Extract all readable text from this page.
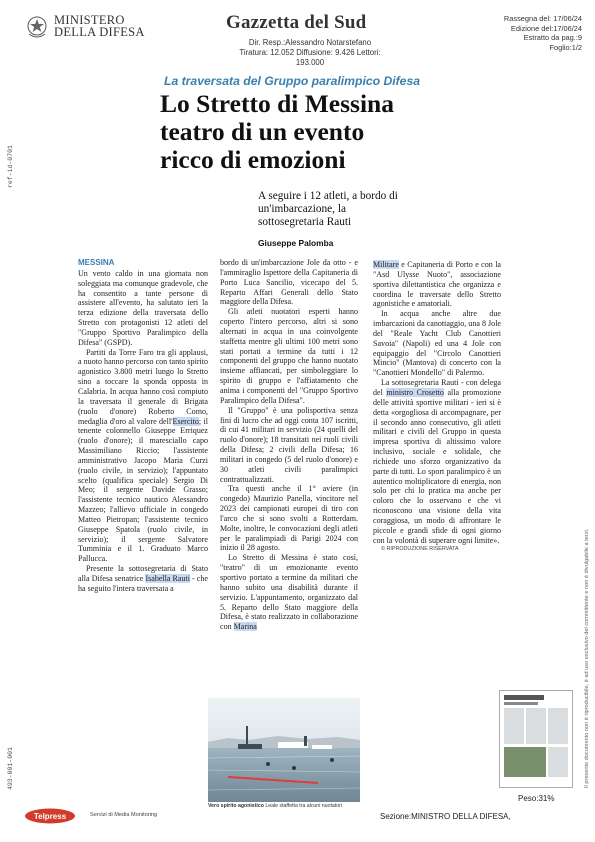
MINISTERO
DELLA DIFESA	Gazzetta del Sud
Dir. Resp.:Alessandro Notarstefano
Tiratura: 12.052 Diffusione: 9.426 Lettori: 193.000
Rassegna del: 17/06/24
Edizione del:17/06/24
Estratto da pag.:9
Foglio:1/2
ref-id-0701
493-001-001
La traversata del Gruppo paralimpico Difesa
Lo Stretto di Messina
teatro di un evento
ricco di emozioni
A seguire i 12 atleti, a bordo di un'imbarcazione, la sottosegretaria Rauti
Giuseppe Palomba
MESSINA

Un vento caldo in una giornata non soleggiata ma comunque gradevole, che ha consentito a tante persone di assistere all'evento, ha salutato ieri la terza edizione della traversata dello Stretto con protagonisti 12 atleti del "Gruppo Sportivo Paralimpico della Difesa" (GSPD).

Partiti da Torre Faro tra gli applausi, a nuoto hanno percorso con tanto spirito agonistico 3.800 metri lungo lo Stretto sino a toccare la sponda opposta in Calabria. In acqua hanno così compiuto la traversata il generale di Brigata (ruolo d'onore) Roberto Como, medaglia d'oro al valore dell'Esercito; il tenente colonnello Giuseppe Erriquez (ruolo d'onore); il maresciallo capo Massimiliano Riccio; l'assistente amministrativo Jacopo Maria Curzi (ruolo civile, in servizio); l'appuntato scelto (qualifica speciale) Sergio Di Meo; il sergente Davide Grasso; l'assistente tecnico nautico Alessandro Mazzeo; l'allievo ufficiale in congedo Matteo Pietropan; l'assistente tecnico Giuseppe Spatola (ruolo civile, in servizio); il sergente Salvatore Tumminia e il 1. Graduato Marco Pallucca.

Presente la sottosegretaria di Stato alla Difesa senatrice Isabella Rauti - che ha seguito l'intera traversata a

bordo di un'imbarcazione Jole da otto - e l'ammiraglio Ispettore della Capitaneria di Porto Luca Sancilio, vicecapo del 5. Reparto Affari Generali dello Stato maggiore della Difesa.

Gli atleti nuotatori esperti hanno coperto l'intero percorso, altri si sono alternati in acqua in una coinvolgente staffetta mentre gli ultimi 100 metri sono stati portati a termine da tutti i 12 componenti del gruppo che hanno nuotato insieme affiancati, per simboleggiare lo spirito di gruppo e l'affiatamento che anima i componenti del "Gruppo Sportivo Paralimpico della Difesa".

Il "Gruppo" è una polisportiva senza fini di lucro che ad oggi conta 107 iscritti, di cui 41 militari in servizio (24 quelli del ruolo d'onore); 18 transitati nei ruoli civili della Difesa; 2 civili della Difesa; 16 militari in congedo (5 del ruolo d'onore) e 30 atleti civili paralimpici contrattualizzati.

Tra questi anche il 1° aviere (in congedo) Maurizio Panella, vincitore nel 2023 dei campionati europei di tiro con l'arco che si sono svolti a Rotterdam. Molte, inoltre, le convocazioni degli atleti per le paralimpiadi di Parigi 2024 con inizio il 28 agosto.

Lo Stretto di Messina è stato così, "teatro" di un emozionante evento sportivo portato a termine da militari che hanno subito una disabilità durante il servizio. L'appuntamento, organizzato dal 5. Reparto dello Stato maggiore della Difesa, è stato realizzato in collaborazione con Marina

Militare e Capitaneria di Porto e con la "Asd Ulysse Nuoto", associazione sportiva dilettantistica che organizza e coordina le traversate dello Stretto agonistiche e amatoriali.

In acqua anche altre due imbarcazioni da canottaggio, una 8 Jole del "Reale Yacht Club Canottieri Savoia" (Napoli) ed una 4 Jole con equipaggio del "Circolo Canottieri Mincio" (Mantova) di concerto con la "Canottieri Mondello" di Palermo.

La sottosegretaria Rauti - con delega del ministro Crosetto alla promozione delle attività sportive militari - ieri si è detta «orgogliosa di accompagnare, per il secondo anno consecutivo, gli atleti militari e civili del Gruppo in questa impresa sportiva di altissimo valore inclusivo, sociale e solidale, che richiede uno sforzo organizzativo da parte di tutti. Lo sport paralimpico è un autentico moltiplicatore di energia, non solo per chi lo pratica ma anche per coloro che lo osservano e che vi riconoscono una visione della vita coraggiosa, un modo di affrontare le piccole e grandi sfide di ogni giorno con la volontà di superare ogni limite».

© RIPRODUZIONE RISERVATA

Vero spirito agonistico Leale staffetta tra alcuni nuotatori
Peso:31%
Il presente documento non è riproducibile, è ad uso esclusivo del committente e non è divulgabile a terzi.
Telpress	Servizi di Media Monitoring	Sezione:MINISTRO DELLA DIFESA,
